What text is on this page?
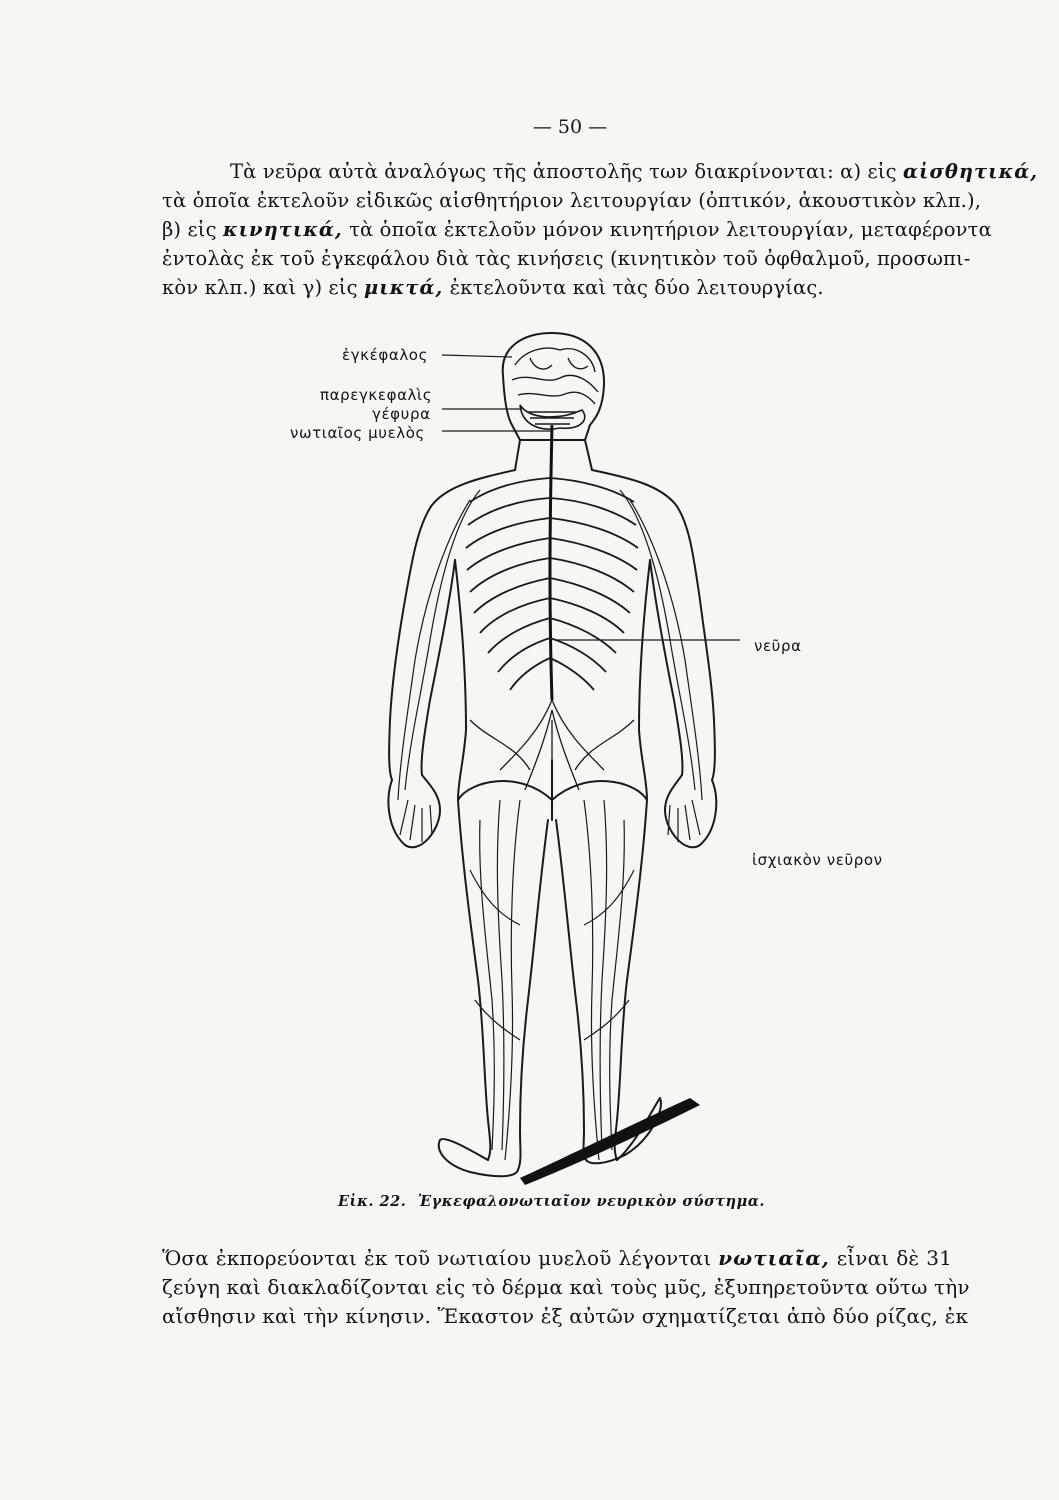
— 50 —
Τὰ νεῦρα αὐτὰ ἀναλόγως τῆς ἀποστολῆς των διακρίνονται: α) εἰς αἰσθητικά,
τὰ ὁποῖα ἐκτελοῦν εἰδικῶς αἰσθητήριον λειτουργίαν (ὀπτικόν, ἀκουστικὸν κλπ.),
β) εἰς κινητικά, τὰ ὁποῖα ἐκτελοῦν μόνον κινητήριον λειτουργίαν, μεταφέροντα
ἐντολὰς ἐκ τοῦ ἐγκεφάλου διὰ τὰς κινήσεις (κινητικὸν τοῦ ὀφθαλμοῦ, προσωπι-
κὸν κλπ.) καὶ γ) εἰς μικτά, ἐκτελοῦντα καὶ τὰς δύο λειτουργίας.
ἐγκέφαλος
παρεγκεφαλὶς
γέφυρα
νωτιαῖος μυελὸς
νεῦρα
ἰσχιακὸν νεῦρον
Εἰκ. 22. Ἐγκεφαλονωτιαῖον νευρικὸν σύστημα.
Ὅσα ἐκπορεύονται ἐκ τοῦ νωτιαίου μυελοῦ λέγονται νωτιαῖα, εἶναι δὲ 31
ζεύγη καὶ διακλαδίζονται εἰς τὸ δέρμα καὶ τοὺς μῦς, ἐξυπηρετοῦντα οὕτω τὴν
αἴσθησιν καὶ τὴν κίνησιν. Ἕκαστον ἐξ αὐτῶν σχηματίζεται ἀπὸ δύο ρίζας, ἐκ
